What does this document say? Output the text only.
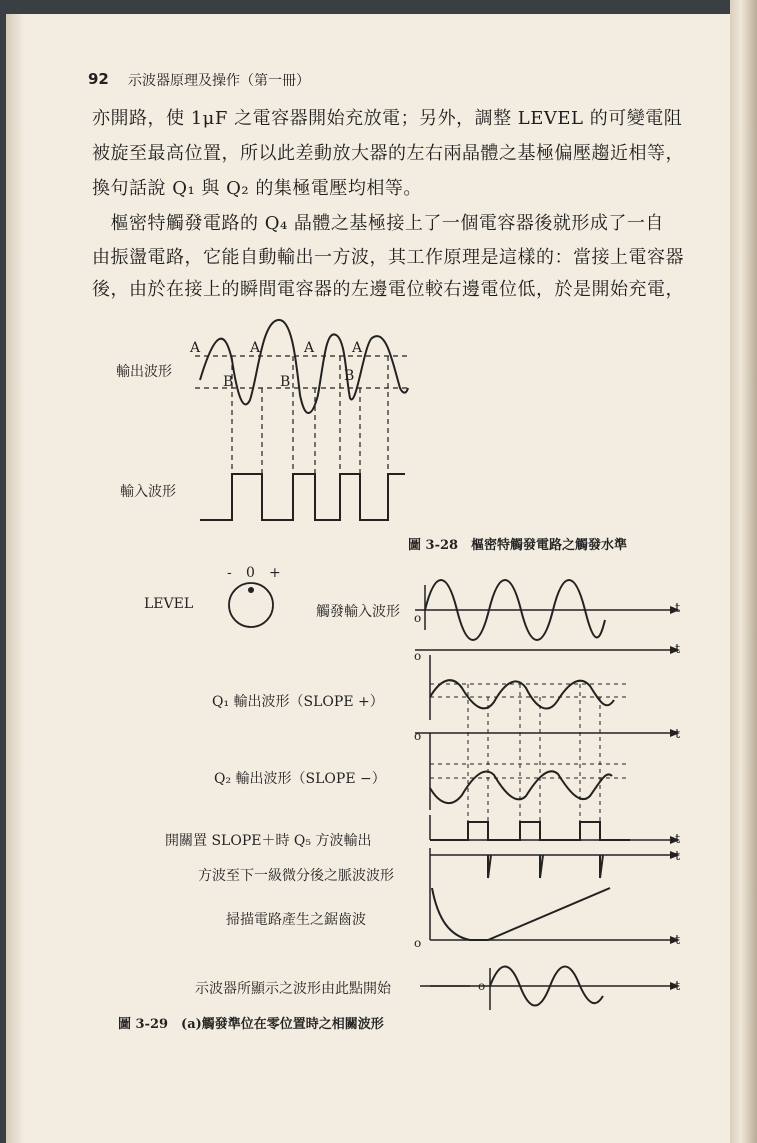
92 示波器原理及操作（第一冊）
亦開路，使 1μF 之電容器開始充放電；另外，調整 LEVEL 的可變電阻
被旋至最高位置，所以此差動放大器的左右兩晶體之基極偏壓趨近相等，
換句話說 Q₁ 與 Q₂ 的集極電壓均相等。
　樞密特觸發電路的 Q₄ 晶體之基極接上了一個電容器後就形成了一自
由振盪電路，它能自動輸出一方波，其工作原理是這樣的：當接上電容器
後，由於在接上的瞬間電容器的左邊電位較右邊電位低，於是開始充電，
輸出波形
輸入波形
A	A	A	A
B	B	B
圖 3-28　樞密特觸發電路之觸發水準
LEVEL
- 0 +
觸發輸入波形
Q₁ 輸出波形（SLOPE +）
Q₂ 輸出波形（SLOPE −）
開關置 SLOPE＋時 Q₅ 方波輸出
方波至下一級微分後之脈波波形
掃描電路產生之鋸齒波
示波器所顯示之波形由此點開始
o
o
o
o
o
t
t
t
t
t
t
t
圖 3-29　(a)觸發準位在零位置時之相關波形
